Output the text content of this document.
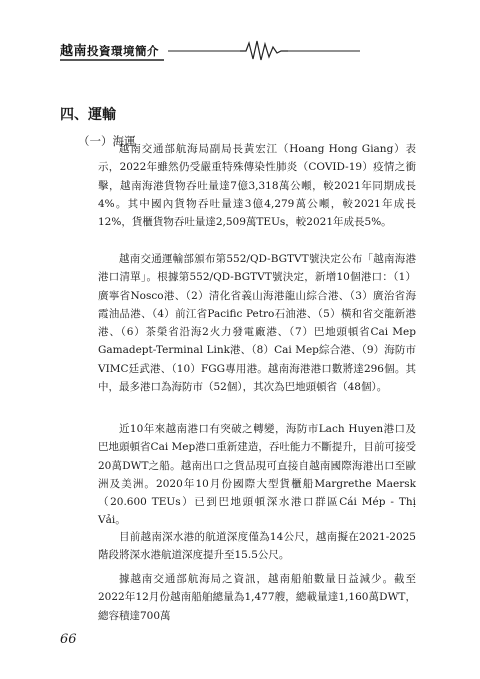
越南投資環境簡介
四、運輸
（一）海運

越南交通部航海局副局長黃宏江（Hoang Hong Giang）表示，2022年雖然仍受嚴重特殊傳染性肺炎（COVID-19）疫情之衝擊，越南海港貨物吞吐量達7億3,318萬公噸，較2021年同期成長4%。其中國內貨物吞吐量達3億4,279萬公噸，較2021年成長12%，貨櫃貨物吞吐量達2,509萬TEUs，較2021年成長5%。

越南交通運輸部頒布第552/QD-BGTVT號決定公布「越南海港港口清單」。根據第552/QD-BGTVT號決定，新增10個港口：（1）廣寧省Nosco港、（2）清化省義山海港龍山綜合港、（3）廣治省海霞油品港、（4）前江省Pacific Petro石油港、（5）橫和省交龍新港港、（6）茶榮省沿海2火力發電廠港、（7）巴地頭頓省Cai Mep Gamadept-Terminal Link港、（8）Cai Mep綜合港、（9）海防市VIMC廷武港、（10）FGG專用港。越南海港港口數將達296個。其中，最多港口為海防市（52個），其次為巴地頭頓省（48個）。

近10年來越南港口有突破之轉變，海防市Lach Huyen港口及巴地頭頓省Cai Mep港口重新建造，吞吐能力不斷提升，目前可接受20萬DWT之船。越南出口之貨品現可直接自越南國際海港出口至歐洲及美洲。2020年10月份國際大型貨櫃船Margrethe Maersk（20.600 TEUs）已到巴地頭頓深水港口群區Cái Mép - Thị Vải。

目前越南深水港的航道深度僅為14公尺，越南擬在2021-2025階段將深水港航道深度提升至15.5公尺。

據越南交通部航海局之資訊，越南船舶數量日益減少。截至2022年12月份越南船舶總量為1,477艘，總載量達1,160萬DWT，總容積達700萬

66
